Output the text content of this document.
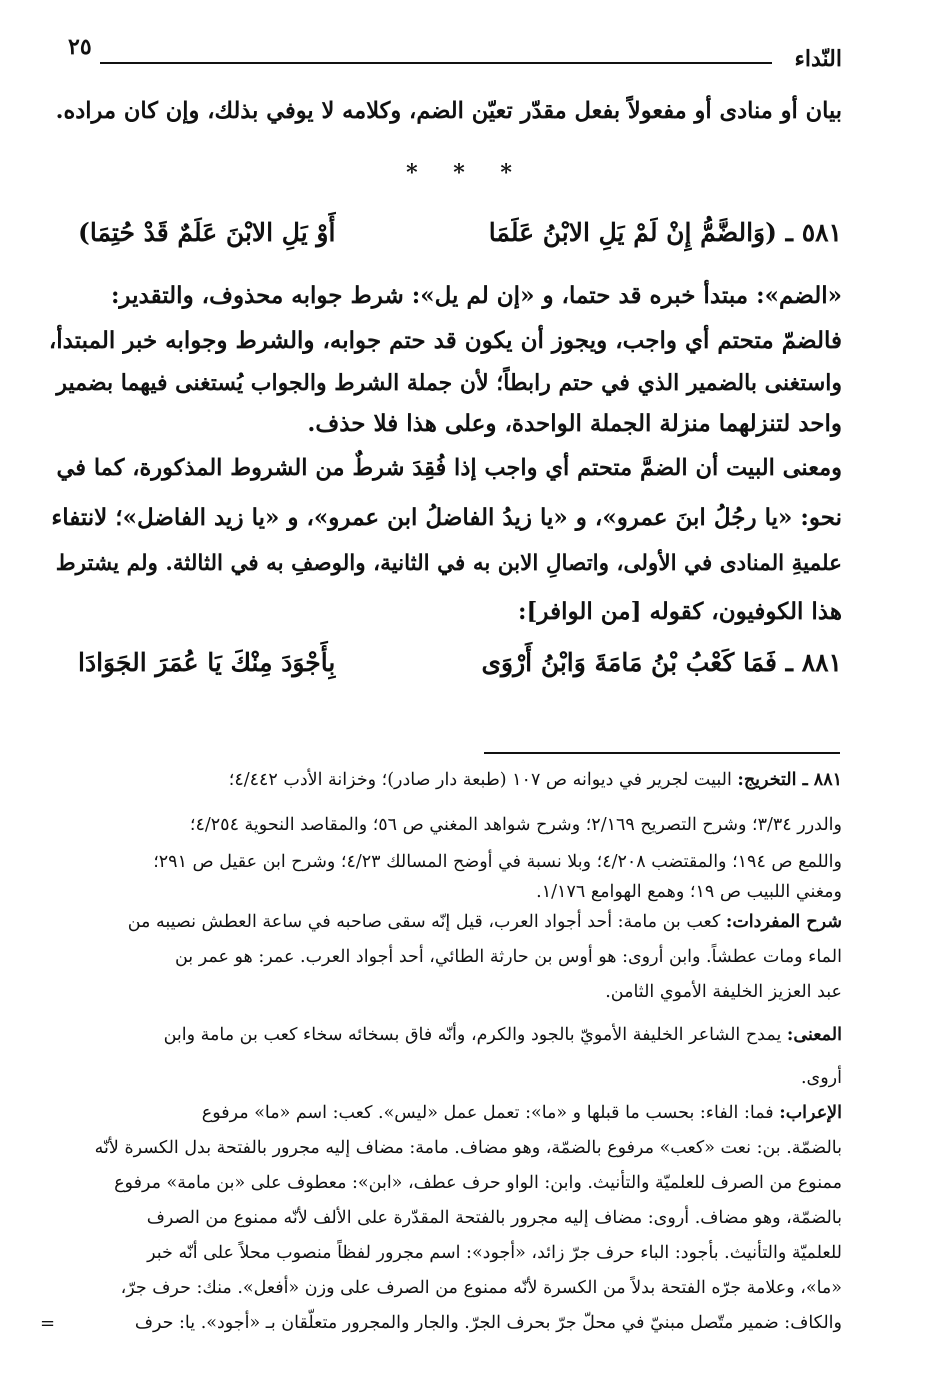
النّداء
٢٥
بيان أو منادى أو مفعولاً بفعل مقدّر تعيّن الضم، وكلامه لا يوفي بذلك، وإن كان مراده.
* * *
٥٨١ ـ (وَالضَّمُّ إِنْ لَمْ يَلِ الابْنُ عَلَمَا
أَوْ يَلِ الابْنَ عَلَمٌ قَدْ حُتِمَا)
«الضم»: مبتدأ خبره قد حتما، و «إن لم يل»: شرط جوابه محذوف، والتقدير:
فالضمّ متحتم أي واجب، ويجوز أن يكون قد حتم جوابه، والشرط وجوابه خبر المبتدأ،
واستغنى بالضمير الذي في حتم رابطاً؛ لأن جملة الشرط والجواب يُستغنى فيهما بضمير
واحد لتنزلهما منزلة الجملة الواحدة، وعلى هذا فلا حذف.
ومعنى البيت أن الضمَّ متحتم أي واجب إذا فُقِدَ شرطٌ من الشروط المذكورة، كما في
نحو: «يا رجُلُ ابنَ عمرو»، و «يا زيدُ الفاضلُ ابن عمرو»، و «يا زيد الفاضل»؛ لانتفاء
علميةِ المنادى في الأولى، واتصالِ الابن به في الثانية، والوصفِ به في الثالثة. ولم يشترط
هذا الكوفيون، كقوله [من الوافر]:
٨٨١ ـ فَمَا كَعْبُ بْنُ مَامَةَ وَابْنُ أَرْوَى
بِأَجْوَدَ مِنْكَ يَا عُمَرَ الجَوَادَا
٨٨١ ـ التخريج: البيت لجرير في ديوانه ص ١٠٧ (طبعة دار صادر)؛ وخزانة الأدب ٤/٤٤٢؛
والدرر ٣/٣٤؛ وشرح التصريح ٢/١٦٩؛ وشرح شواهد المغني ص ٥٦؛ والمقاصد النحوية ٤/٢٥٤؛
واللمع ص ١٩٤؛ والمقتضب ٤/٢٠٨؛ وبلا نسبة في أوضح المسالك ٤/٢٣؛ وشرح ابن عقيل ص ٢٩١؛
ومغني اللبيب ص ١٩؛ وهمع الهوامع ١/١٧٦.
شرح المفردات: كعب بن مامة: أحد أجواد العرب، قيل إنّه سقى صاحبه في ساعة العطش نصيبه من
الماء ومات عطشاً. وابن أروى: هو أوس بن حارثة الطائي، أحد أجواد العرب. عمر: هو عمر بن
عبد العزيز الخليفة الأموي الثامن.
المعنى: يمدح الشاعر الخليفة الأمويّ بالجود والكرم، وأنّه فاق بسخائه سخاء كعب بن مامة وابن
أروى.
الإعراب: فما: الفاء: بحسب ما قبلها و «ما»: تعمل عمل «ليس». كعب: اسم «ما» مرفوع
بالضمّة. بن: نعت «كعب» مرفوع بالضمّة، وهو مضاف. مامة: مضاف إليه مجرور بالفتحة بدل الكسرة لأنّه
ممنوع من الصرف للعلميّة والتأنيث. وابن: الواو حرف عطف، «ابن»: معطوف على «بن مامة» مرفوع
بالضمّة، وهو مضاف. أروى: مضاف إليه مجرور بالفتحة المقدّرة على الألف لأنّه ممنوع من الصرف
للعلميّة والتأنيث. بأجود: الباء حرف جرّ زائد، «أجود»: اسم مجرور لفظاً منصوب محلاً على أنّه خبر
«ما»، وعلامة جرّه الفتحة بدلاً من الكسرة لأنّه ممنوع من الصرف على وزن «أفعل». منك: حرف جرّ،
والكاف: ضمير متّصل مبنيّ في محلّ جرّ بحرف الجرّ. والجار والمجرور متعلّقان بـ «أجود». يا: حرف
=
